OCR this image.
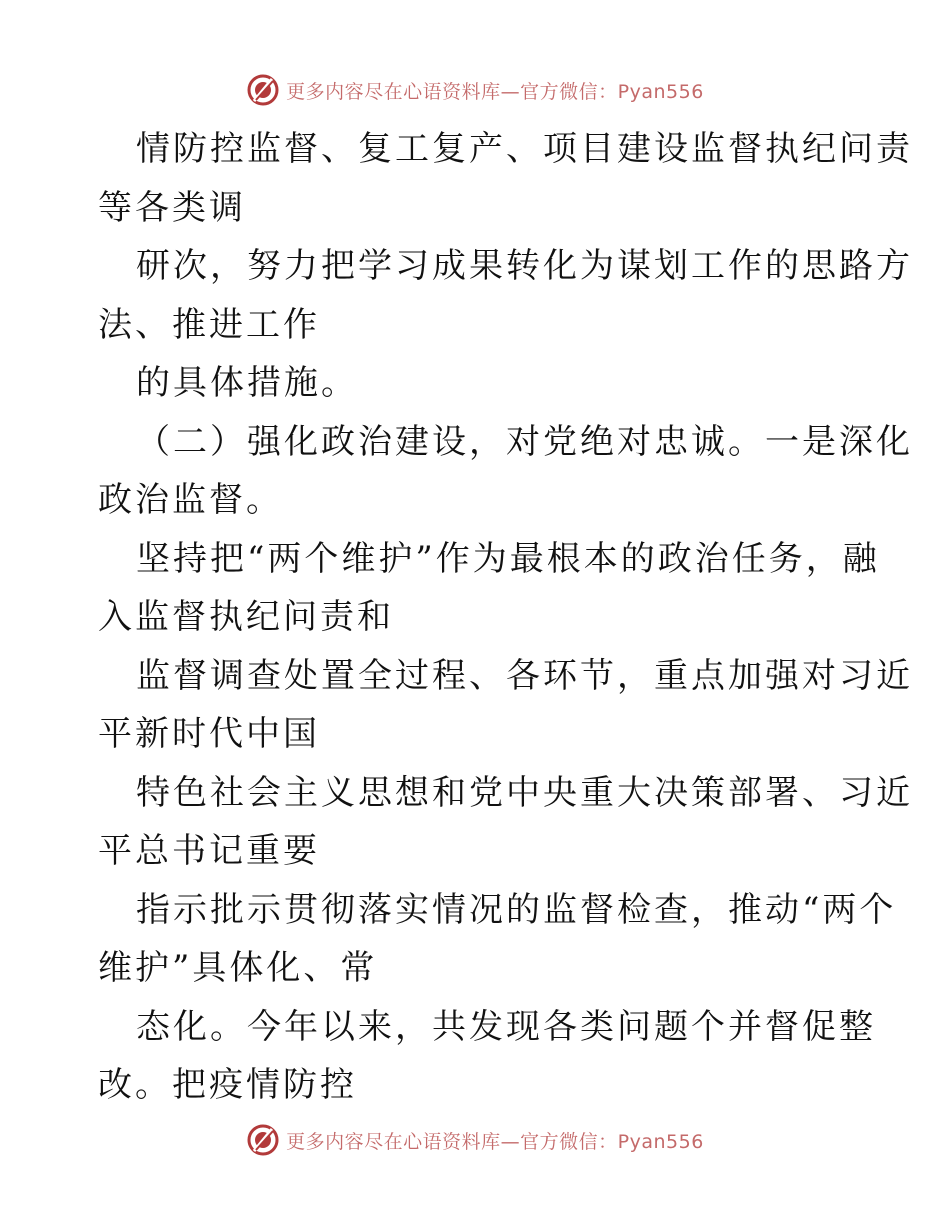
更多内容尽在心语资料库—官方微信：Pyan556
情防控监督、复工复产、项目建设监督执纪问责
等各类调
研次，努力把学习成果转化为谋划工作的思路方
法、推进工作
的具体措施。
（二）强化政治建设，对党绝对忠诚。一是深化
政治监督。
坚持把“两个维护”作为最根本的政治任务，融
入监督执纪问责和
监督调查处置全过程、各环节，重点加强对习近
平新时代中国
特色社会主义思想和党中央重大决策部署、习近
平总书记重要
指示批示贯彻落实情况的监督检查，推动“两个
维护”具体化、常
态化。今年以来，共发现各类问题个并督促整
改。把疫情防控
更多内容尽在心语资料库—官方微信：Pyan556
